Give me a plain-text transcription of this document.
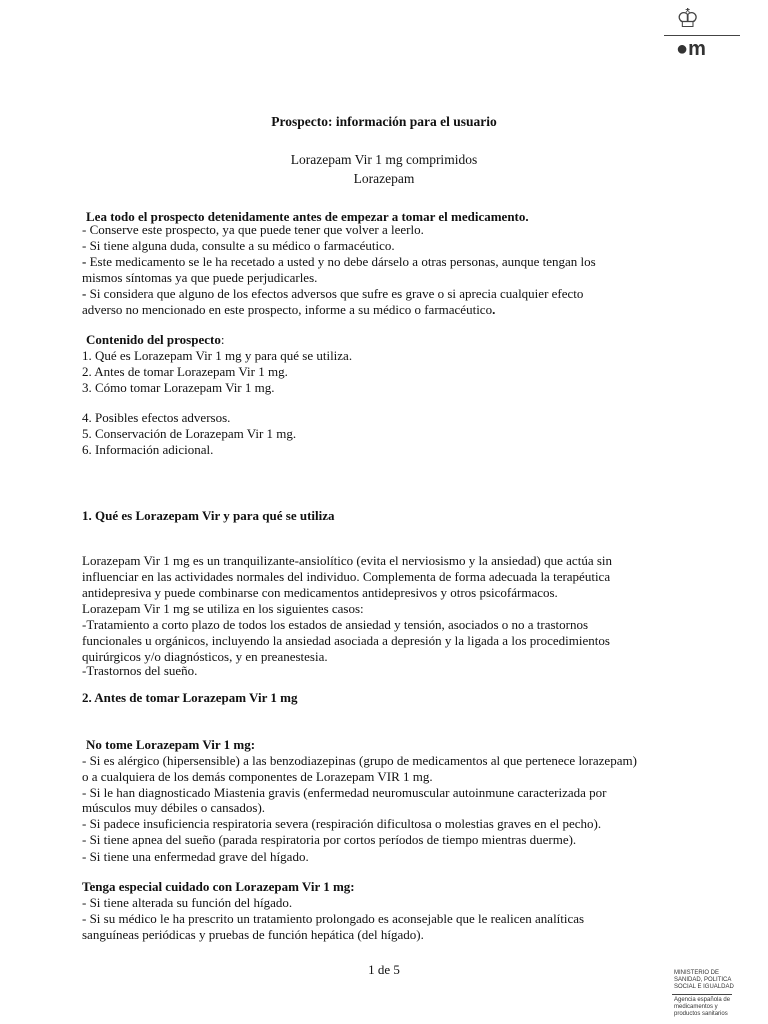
♔
●m
Prospecto: información para el usuario
Lorazepam Vir 1 mg comprimidos
Lorazepam
Lea todo el prospecto detenidamente antes de empezar a tomar el medicamento.
- Conserve este prospecto, ya que puede tener que volver a leerlo.
- Si tiene alguna duda, consulte a su médico o farmacéutico.
- Este medicamento se le ha recetado a usted y no debe dárselo a otras personas, aunque tengan los
mismos síntomas ya que puede perjudicarles.
- Si considera que alguno de los efectos adversos que sufre es grave o si aprecia cualquier efecto
adverso no mencionado en este prospecto, informe a su médico o farmacéutico.
Contenido del prospecto:
1. Qué es Lorazepam Vir 1 mg y para qué se utiliza.
2. Antes de tomar Lorazepam Vir 1 mg.
3. Cómo tomar Lorazepam Vir 1 mg.
4. Posibles efectos adversos.
5. Conservación de Lorazepam Vir 1 mg.
6. Información adicional.
1. Qué es Lorazepam Vir y para qué se utiliza
Lorazepam Vir 1 mg es un tranquilizante-ansiolítico (evita el nerviosismo y la ansiedad) que actúa sin
influenciar en las actividades normales del individuo. Complementa de forma adecuada la terapéutica
antidepresiva y puede combinarse con medicamentos antidepresivos y otros psicofármacos.
Lorazepam Vir 1 mg se utiliza en los siguientes casos:
-Tratamiento a corto plazo de todos los estados de ansiedad y tensión, asociados o no a trastornos
funcionales u orgánicos, incluyendo la ansiedad asociada a depresión y la ligada a los procedimientos
quirúrgicos y/o diagnósticos, y en preanestesia.
-Trastornos del sueño.
2. Antes de tomar Lorazepam Vir 1 mg
No tome Lorazepam Vir 1 mg:
- Si es alérgico (hipersensible) a las benzodiazepinas (grupo de medicamentos al que pertenece lorazepam)
o a cualquiera de los demás componentes de Lorazepam VIR 1 mg.
- Si le han diagnosticado Miastenia gravis (enfermedad neuromuscular autoinmune caracterizada por
músculos muy débiles o cansados).
- Si padece insuficiencia respiratoria severa (respiración dificultosa o molestias graves en el pecho).
- Si tiene apnea del sueño (parada respiratoria por cortos períodos de tiempo mientras duerme).
- Si tiene una enfermedad grave del hígado.
Tenga especial cuidado con Lorazepam Vir 1 mg:
- Si tiene alterada su función del hígado.
- Si su médico le ha prescrito un tratamiento prolongado es aconsejable que le realicen analíticas
sanguíneas periódicas y pruebas de función hepática (del hígado).
1 de 5	MINISTERIO DE
SANIDAD, POLITICA
SOCIAL E IGUALDAD
Agencia española de
medicamentos y
productos sanitarios
